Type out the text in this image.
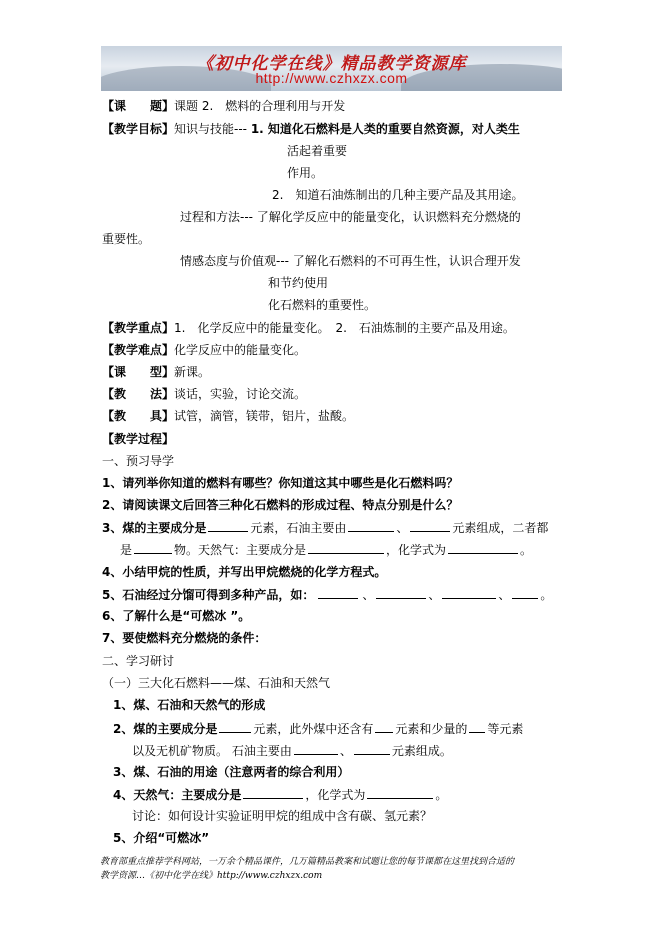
《初中化学在线》精品教学资源库
http://www.czhxzx.com
【课　　题】课题 2.　燃料的合理利用与开发
【教学目标】知识与技能--- 1. 知道化石燃料是人类的重要自然资源，对人类生
活起着重要
作用。
2.　知道石油炼制出的几种主要产品及其用途。
过程和方法--- 了解化学反应中的能量变化，认识燃料充分燃烧的
重要性。
情感态度与价值观--- 了解化石燃料的不可再生性，认识合理开发
和节约使用
化石燃料的重要性。
【教学重点】1.　化学反应中的能量变化。　2.　石油炼制的主要产品及用途。
【教学难点】化学反应中的能量变化。
【课　　型】新课。
【教　　法】谈话，实验，讨论交流。
【教　　具】试管，滴管，镁带，铝片，盐酸。
【教学过程】
一、预习导学
1、请列举你知道的燃料有哪些？你知道这其中哪些是化石燃料吗？
2、请阅读课文后回答三种化石燃料的形成过程、特点分别是什么？
3、煤的主要成分是	元素，石油主要由	、	元素组成，二者都
是	物。天然气：主要成分是	，化学式为	。
4、小结甲烷的性质，并写出甲烷燃烧的化学方程式。
5、石油经过分馏可得到多种产品，如：	、	、	、	。
6、了解什么是“可燃冰 ”。
7、要使燃料充分燃烧的条件：
二、学习研讨
（一）三大化石燃料——煤、石油和天然气
1、煤、石油和天然气的形成
2、煤的主要成分是	元素，此外煤中还含有 元素和少量的 等元素
以及无机矿物质。 石油主要由	、	元素组成。
3、煤、石油的用途（注意两者的综合利用）
4、天然气：主要成分是	，化学式为	。
讨论：如何设计实验证明甲烷的组成中含有碳、氢元素？
5、介绍“可燃冰”
教育部重点推荐学科网站，一万余个精品课件，几万篇精品教案和试题让您的每节课都在这里找到合适的
教学资源…《初中化学在线》http://www.czhxzx.com
